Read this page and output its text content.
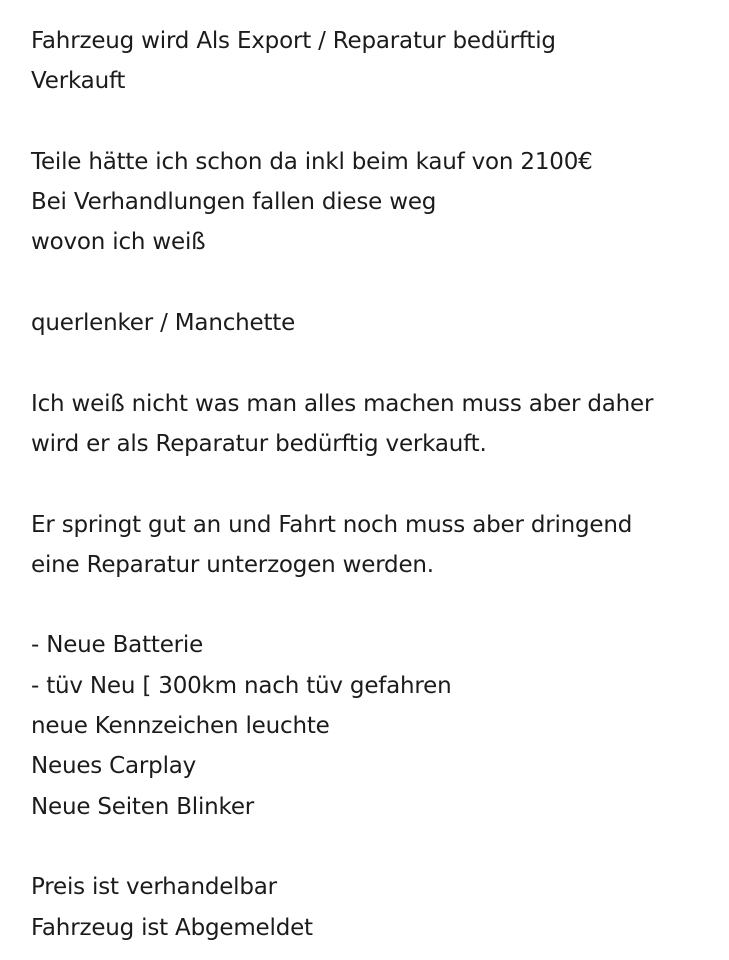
Fahrzeug wird Als Export / Reparatur bedürftig
Verkauft
Teile hätte ich schon da inkl beim kauf von 2100€
Bei Verhandlungen fallen diese weg
wovon ich weiß
querlenker / Manchette
Ich weiß nicht was man alles machen muss aber daher
wird er als Reparatur bedürftig verkauft.
Er springt gut an und Fahrt noch muss aber dringend
eine Reparatur unterzogen werden.
- Neue Batterie
- tüv Neu [ 300km nach tüv gefahren
neue Kennzeichen leuchte
Neues Carplay
Neue Seiten Blinker
Preis ist verhandelbar
Fahrzeug ist Abgemeldet
